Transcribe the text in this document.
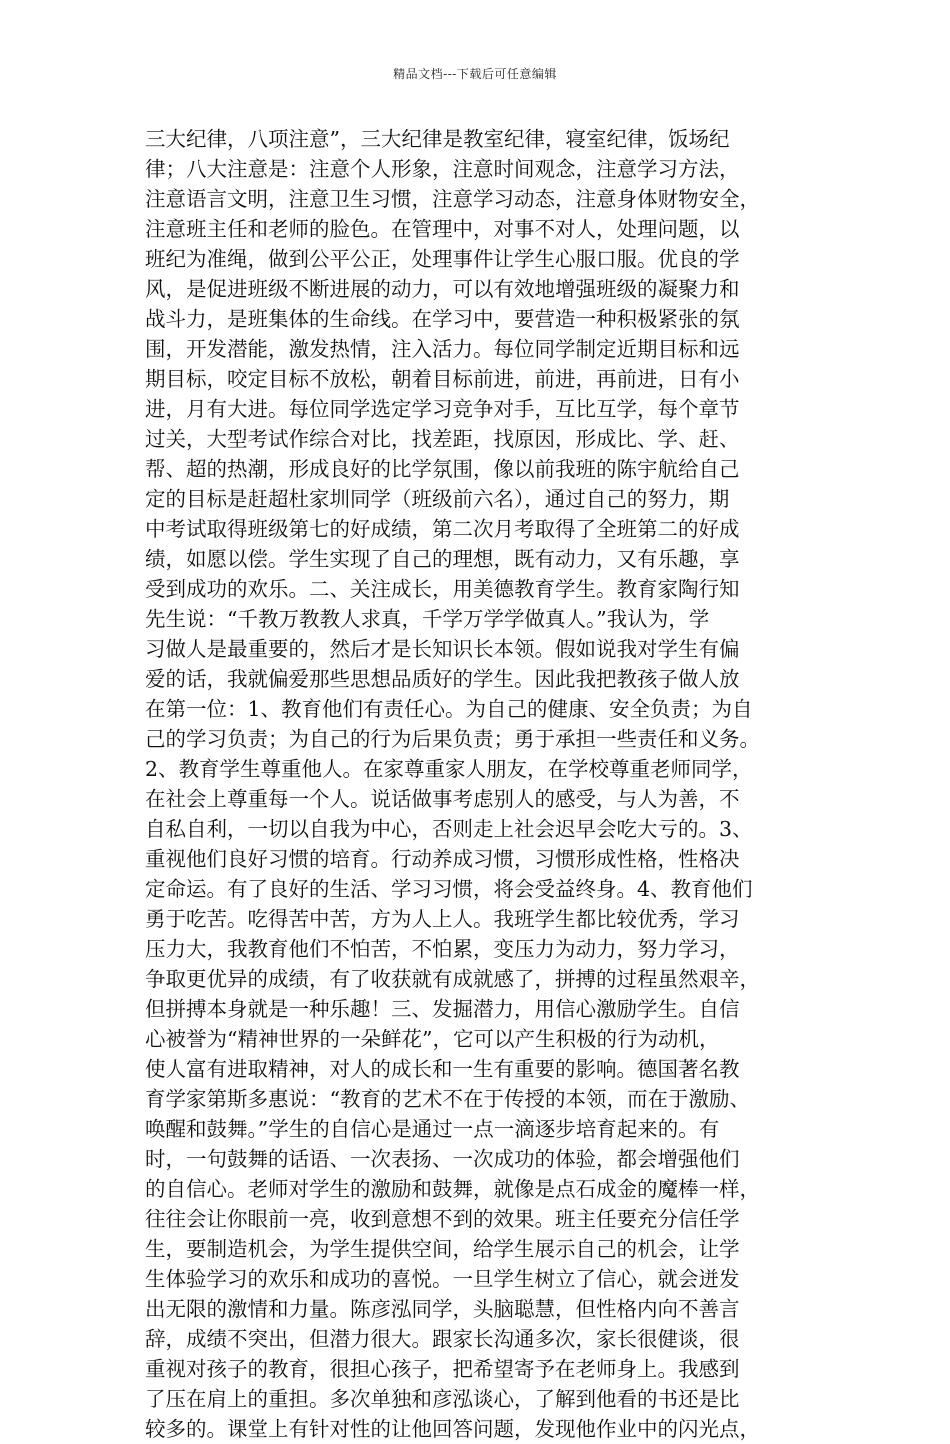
精品文档---下载后可任意编辑
三大纪律，八项注意”，三大纪律是教室纪律，寝室纪律，饭场纪
律；八大注意是：注意个人形象，注意时间观念，注意学习方法，
注意语言文明，注意卫生习惯，注意学习动态，注意身体财物安全，
注意班主任和老师的脸色。在管理中，对事不对人，处理问题，以
班纪为准绳，做到公平公正，处理事件让学生心服口服。优良的学
风，是促进班级不断进展的动力，可以有效地增强班级的凝聚力和
战斗力，是班集体的生命线。在学习中，要营造一种积极紧张的氛
围，开发潜能，激发热情，注入活力。每位同学制定近期目标和远
期目标，咬定目标不放松，朝着目标前进，前进，再前进，日有小
进，月有大进。每位同学选定学习竞争对手，互比互学，每个章节
过关，大型考试作综合对比，找差距，找原因，形成比、学、赶、
帮、超的热潮，形成良好的比学氛围，像以前我班的陈宇航给自己
定的目标是赶超杜家圳同学（班级前六名），通过自己的努力，期
中考试取得班级第七的好成绩，第二次月考取得了全班第二的好成
绩，如愿以偿。学生实现了自己的理想，既有动力，又有乐趣，享
受到成功的欢乐。二、关注成长，用美德教育学生。教育家陶行知
先生说：“千教万教教人求真，千学万学学做真人。”我认为，学
习做人是最重要的，然后才是长知识长本领。假如说我对学生有偏
爱的话，我就偏爱那些思想品质好的学生。因此我把教孩子做人放
在第一位：1、教育他们有责任心。为自己的健康、安全负责；为自
己的学习负责；为自己的行为后果负责；勇于承担一些责任和义务。
2、教育学生尊重他人。在家尊重家人朋友，在学校尊重老师同学，
在社会上尊重每一个人。说话做事考虑别人的感受，与人为善，不
自私自利，一切以自我为中心，否则走上社会迟早会吃大亏的。3、
重视他们良好习惯的培育。行动养成习惯，习惯形成性格，性格决
定命运。有了良好的生活、学习习惯，将会受益终身。4、教育他们
勇于吃苦。吃得苦中苦，方为人上人。我班学生都比较优秀，学习
压力大，我教育他们不怕苦，不怕累，变压力为动力，努力学习，
争取更优异的成绩，有了收获就有成就感了，拼搏的过程虽然艰辛，
但拼搏本身就是一种乐趣！三、发掘潜力，用信心激励学生。自信
心被誉为“精神世界的一朵鲜花”，它可以产生积极的行为动机，
使人富有进取精神，对人的成长和一生有重要的影响。德国著名教
育学家第斯多惠说：“教育的艺术不在于传授的本领，而在于激励、
唤醒和鼓舞。”学生的自信心是通过一点一滴逐步培育起来的。有
时，一句鼓舞的话语、一次表扬、一次成功的体验，都会增强他们
的自信心。老师对学生的激励和鼓舞，就像是点石成金的魔棒一样，
往往会让你眼前一亮，收到意想不到的效果。班主任要充分信任学
生，要制造机会，为学生提供空间，给学生展示自己的机会，让学
生体验学习的欢乐和成功的喜悦。一旦学生树立了信心，就会迸发
出无限的激情和力量。陈彦泓同学，头脑聪慧，但性格内向不善言
辞，成绩不突出，但潜力很大。跟家长沟通多次，家长很健谈，很
重视对孩子的教育，很担心孩子，把希望寄予在老师身上。我感到
了压在肩上的重担。多次单独和彦泓谈心，了解到他看的书还是比
较多的。课堂上有针对性的让他回答问题，发现他作业中的闪光点，
